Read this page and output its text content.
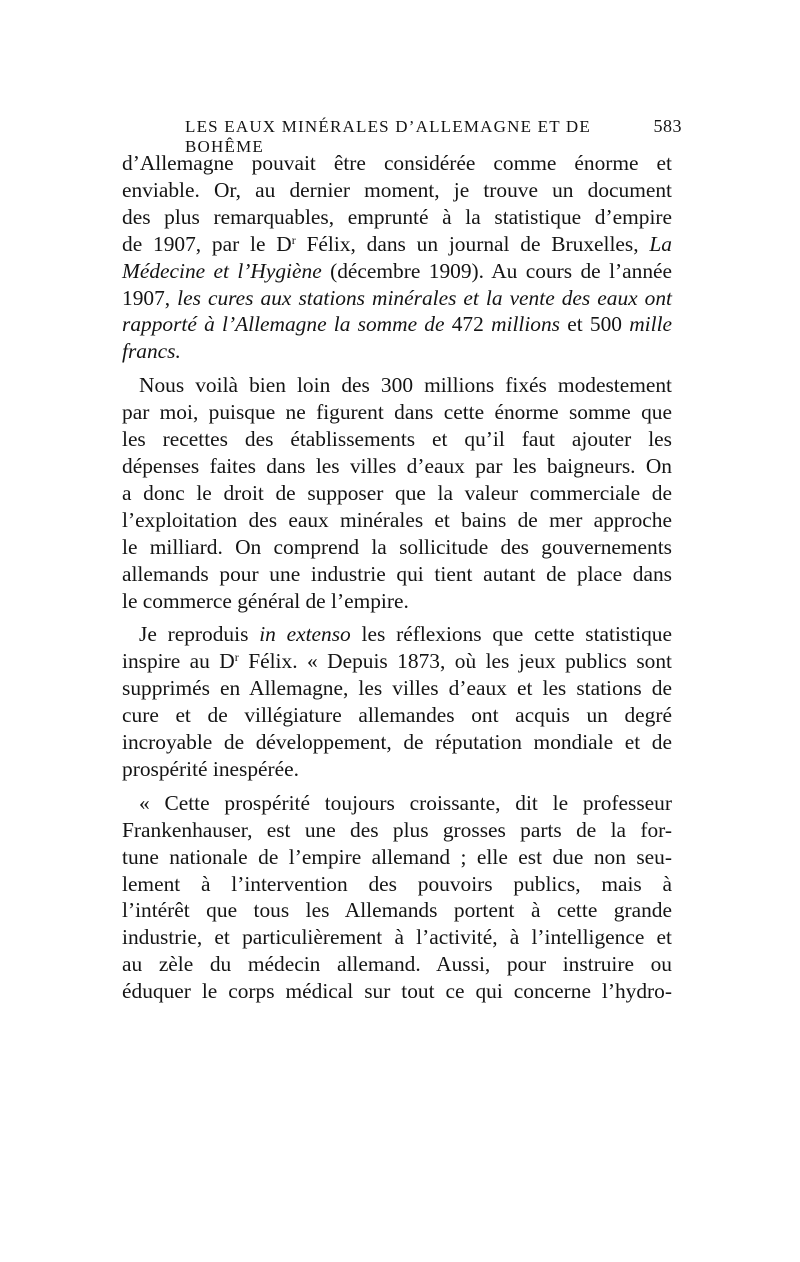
LES EAUX MINÉRALES D’ALLEMAGNE ET DE BOHÊME
583
d’Allemagne pouvait être considérée comme énorme et
enviable. Or, au dernier moment, je trouve un document
des plus remarquables, emprunté à la statistique d’empire
de 1907, par le $D^r$ Félix, dans un journal de Bruxelles, La
Médecine et l’Hygiène (décembre 1909). Au cours de l’année
1907, les cures aux stations minérales et la vente des eaux ont
rapporté à l’Allemagne la somme de 472 millions et 500 mille
francs.
Nous voilà bien loin des 300 millions fixés modestement
par moi, puisque ne figurent dans cette énorme somme que
les recettes des établissements et qu’il faut ajouter les
dépenses faites dans les villes d’eaux par les baigneurs. On
a donc le droit de supposer que la valeur commerciale de
l’exploitation des eaux minérales et bains de mer approche
le milliard. On comprend la sollicitude des gouvernements
allemands pour une industrie qui tient autant de place dans
le commerce général de l’empire.
Je reproduis in extenso les réflexions que cette statistique
inspire au $D^r$ Félix. « Depuis 1873, où les jeux publics sont
supprimés en Allemagne, les villes d’eaux et les stations de
cure et de villégiature allemandes ont acquis un degré
incroyable de développement, de réputation mondiale et de
prospérité inespérée.
« Cette prospérité toujours croissante, dit le professeur
Frankenhauser, est une des plus grosses parts de la for-
tune nationale de l’empire allemand ; elle est due non seu-
lement à l’intervention des pouvoirs publics, mais à
l’intérêt que tous les Allemands portent à cette grande
industrie, et particulièrement à l’activité, à l’intelligence et
au zèle du médecin allemand. Aussi, pour instruire ou
éduquer le corps médical sur tout ce qui concerne l’hydro-
